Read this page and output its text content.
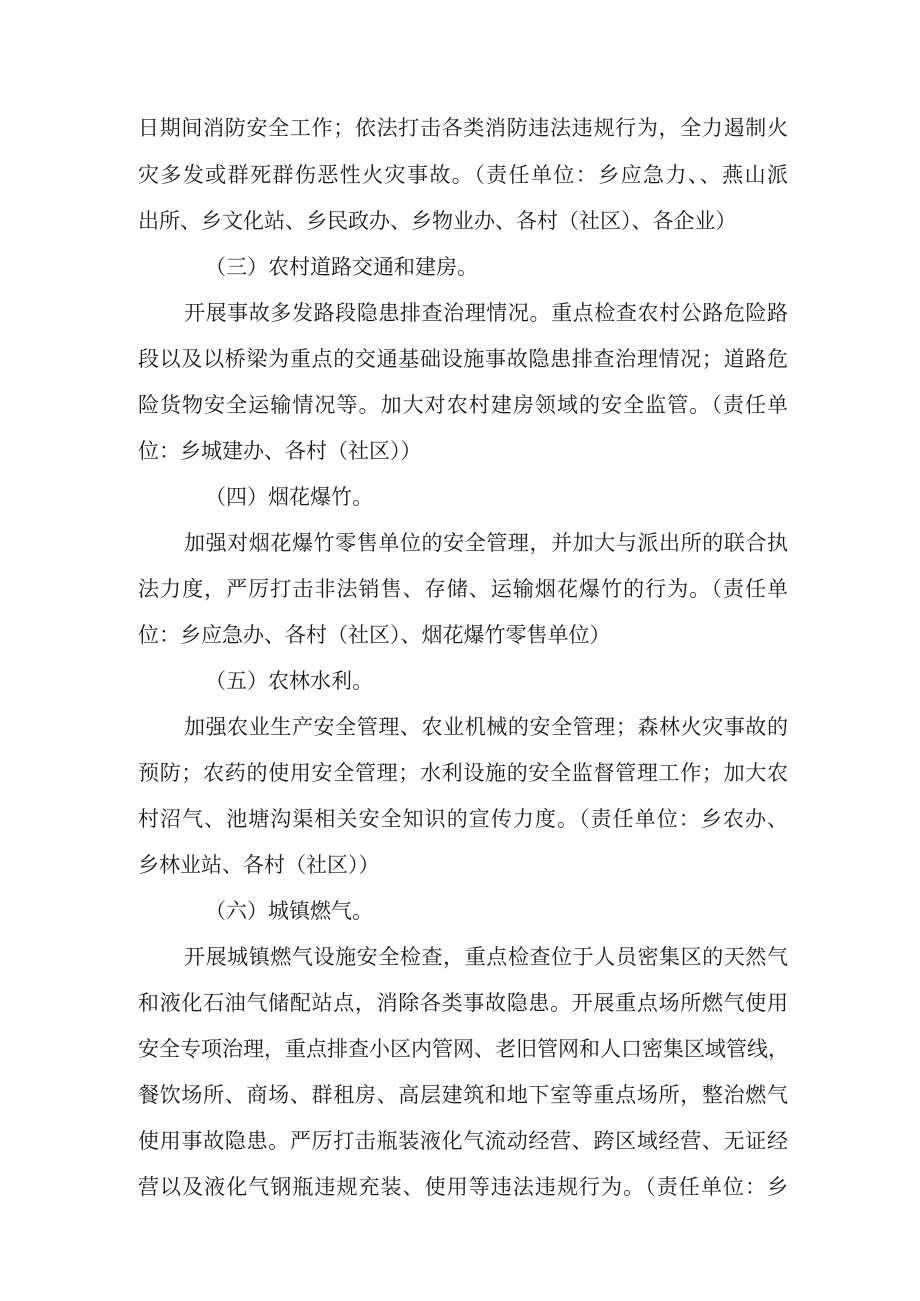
日期间消防安全工作；依法打击各类消防违法违规行为，全力遏制火
灾多发或群死群伤恶性火灾事故。（责任单位：乡应急力、、燕山派
出所、乡文化站、乡民政办、乡物业办、各村（社区）、各企业）
（三）农村道路交通和建房。
开展事故多发路段隐患排查治理情况。重点检查农村公路危险路
段以及以桥梁为重点的交通基础设施事故隐患排查治理情况；道路危
险货物安全运输情况等。加大对农村建房领域的安全监管。（责任单
位：乡城建办、各村（社区））
（四）烟花爆竹。
加强对烟花爆竹零售单位的安全管理，并加大与派出所的联合执
法力度，严厉打击非法销售、存储、运输烟花爆竹的行为。（责任单
位：乡应急办、各村（社区）、烟花爆竹零售单位）
（五）农林水利。
加强农业生产安全管理、农业机械的安全管理；森林火灾事故的
预防；农药的使用安全管理；水利设施的安全监督管理工作；加大农
村沼气、池塘沟渠相关安全知识的宣传力度。（责任单位：乡农办、
乡林业站、各村（社区））
（六）城镇燃气。
开展城镇燃气设施安全检查，重点检查位于人员密集区的天然气
和液化石油气储配站点，消除各类事故隐患。开展重点场所燃气使用
安全专项治理，重点排查小区内管网、老旧管网和人口密集区域管线，
餐饮场所、商场、群租房、高层建筑和地下室等重点场所，整治燃气
使用事故隐患。严厉打击瓶装液化气流动经营、跨区域经营、无证经
营以及液化气钢瓶违规充装、使用等违法违规行为。（责任单位：乡
